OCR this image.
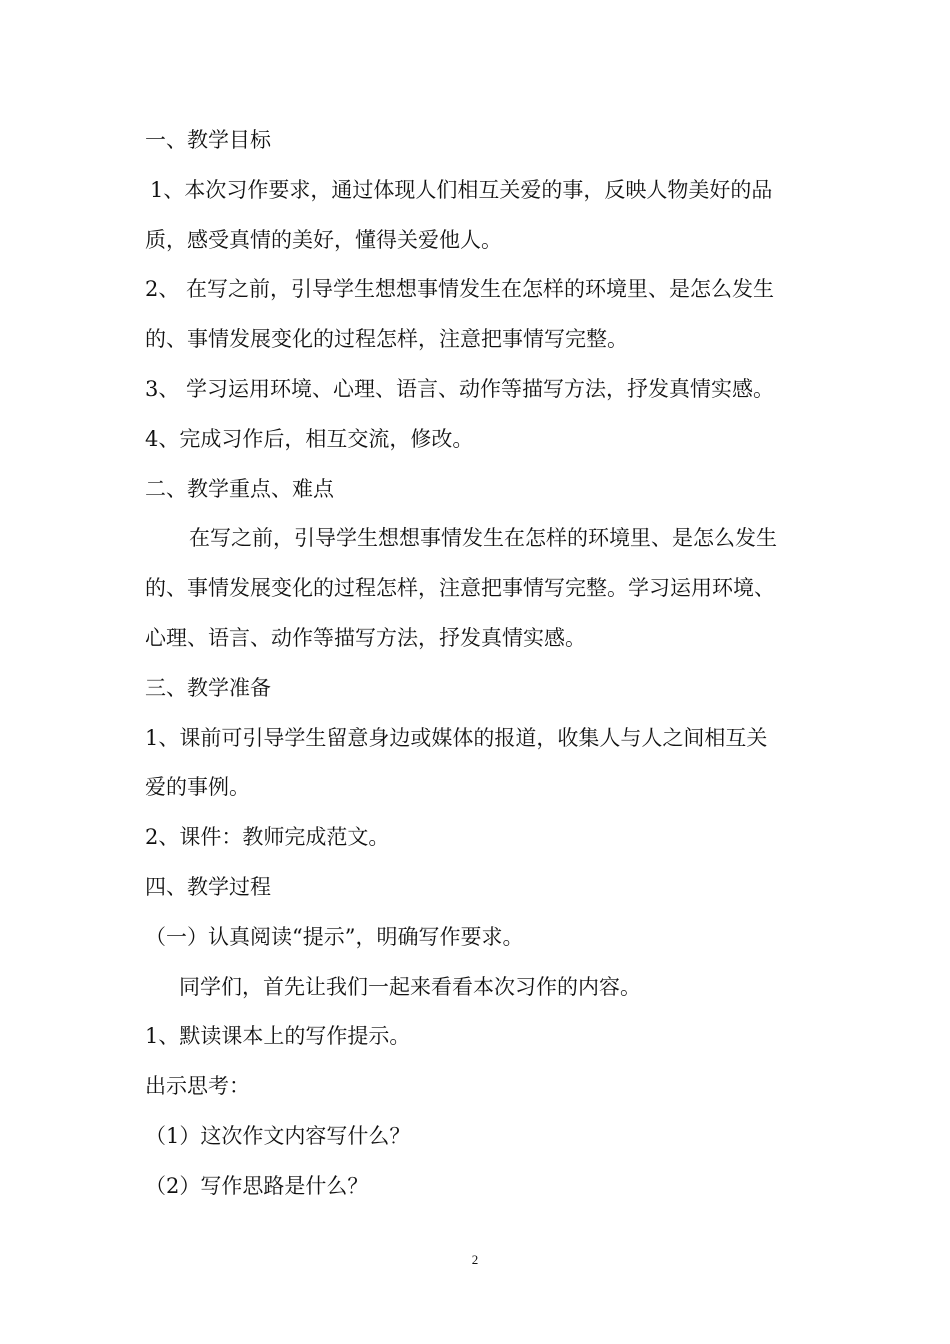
一、教学目标
1、本次习作要求，通过体现人们相互关爱的事，反映人物美好的品
质，感受真情的美好，懂得关爱他人。
2、 在写之前，引导学生想想事情发生在怎样的环境里、是怎么发生
的、事情发展变化的过程怎样，注意把事情写完整。
3、 学习运用环境、心理、语言、动作等描写方法，抒发真情实感。
4、完成习作后，相互交流，修改。
二、教学重点、难点
在写之前，引导学生想想事情发生在怎样的环境里、是怎么发生
的、事情发展变化的过程怎样，注意把事情写完整。学习运用环境、
心理、语言、动作等描写方法，抒发真情实感。
三、教学准备
1、课前可引导学生留意身边或媒体的报道，收集人与人之间相互关
爱的事例。
2、课件：教师完成范文。
四、教学过程
（一）认真阅读“提示”，明确写作要求。
同学们，首先让我们一起来看看本次习作的内容。
1、默读课本上的写作提示。
出示思考：
（1）这次作文内容写什么？
（2）写作思路是什么？
2
